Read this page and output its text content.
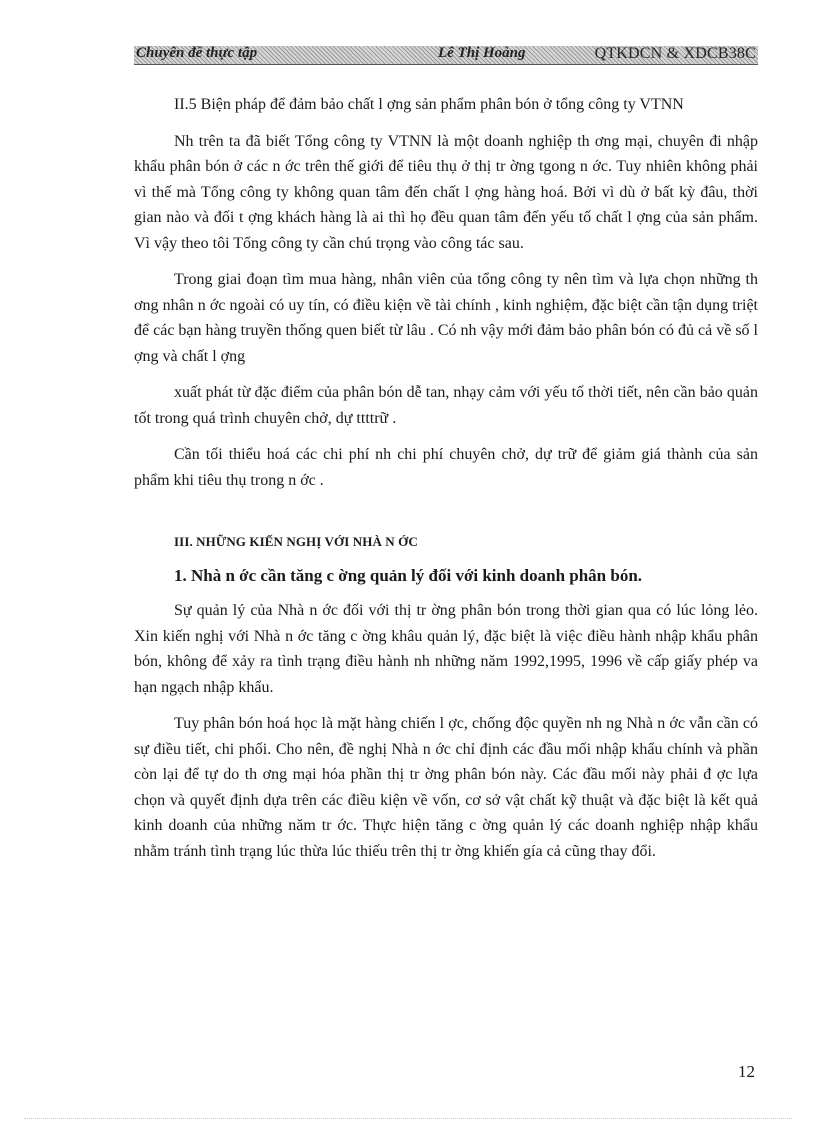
Chuyên đề thực tập	Lê Thị Hoàng	QTKDCN & XDCB38C

II.5 Biện pháp để đảm bảo chất l ợng sản phẩm phân bón ở tổng công ty VTNN

Nh trên ta đã biết Tổng công ty VTNN là một doanh nghiệp th ơng mại, chuyên đi nhập khẩu phân bón ở các n ớc trên thế giới để tiêu thụ ở thị tr ờng tgong n ớc. Tuy nhiên không phải vì thế mà Tổng công ty không quan tâm đến chất l ợng hàng hoá. Bởi vì dù ở bất kỳ đâu, thời gian nào và đối t ợng khách hàng là ai thì họ đều quan tâm đến yếu tố chất l ợng của sản phẩm. Vì vậy theo tôi Tổng công ty cần chú trọng vào công tác sau.

Trong giai đoạn tìm mua hàng, nhân viên của tổng công ty nên tìm và lựa chọn những th ơng nhân n ớc ngoài có uy tín, có điều kiện về tài chính , kinh nghiệm, đặc biệt cần tận dụng triệt để các bạn hàng truyền thống quen biết từ lâu . Có nh vậy mới đảm bảo phân bón có đủ cả về số l ợng và chất l ợng

xuất phát từ đặc điểm của phân bón dễ tan, nhạy cảm với yếu tố thời tiết, nên cần bảo quản tốt trong quá trình chuyên chở, dự ttttrữ .

Cần tối thiểu hoá các chi phí nh chi phí chuyên chở, dự trữ để giảm giá thành của sản phẩm khi tiêu thụ trong n ớc .

III. NHỮNG KIẾN NGHỊ VỚI NHÀ N ỚC
1. Nhà n ớc cần tăng c ờng quản lý đối với kinh doanh phân bón.

Sự quản lý của Nhà n ớc đối với thị tr ờng phân bón trong thời gian qua có lúc lỏng lẻo. Xin kiến nghị với Nhà n ớc tăng c ờng khâu quản lý, đặc biệt là việc điều hành nhập khẩu phân bón, không để xảy ra tình trạng điều hành nh những năm 1992,1995, 1996 về cấp giấy phép va hạn ngạch nhập khẩu.

Tuy phân bón hoá học là mặt hàng chiến l ợc, chống độc quyền nh ng Nhà n ớc vẫn cần có sự điều tiết, chi phối. Cho nên, đề nghị Nhà n ớc chỉ định các đầu mối nhập khẩu chính và phần còn lại để tự do th ơng mại hóa phần thị tr ờng phân bón này. Các đầu mối này phải đ ợc lựa chọn và quyết định dựa trên các điều kiện về vốn, cơ sở vật chất kỹ thuật và đặc biệt là kết quả kinh doanh của những năm tr ớc. Thực hiện tăng c ờng quản lý các doanh nghiệp nhập khẩu nhằm tránh tình trạng lúc thừa lúc thiếu trên thị tr ờng khiến gía cả cũng thay đổi.

12
